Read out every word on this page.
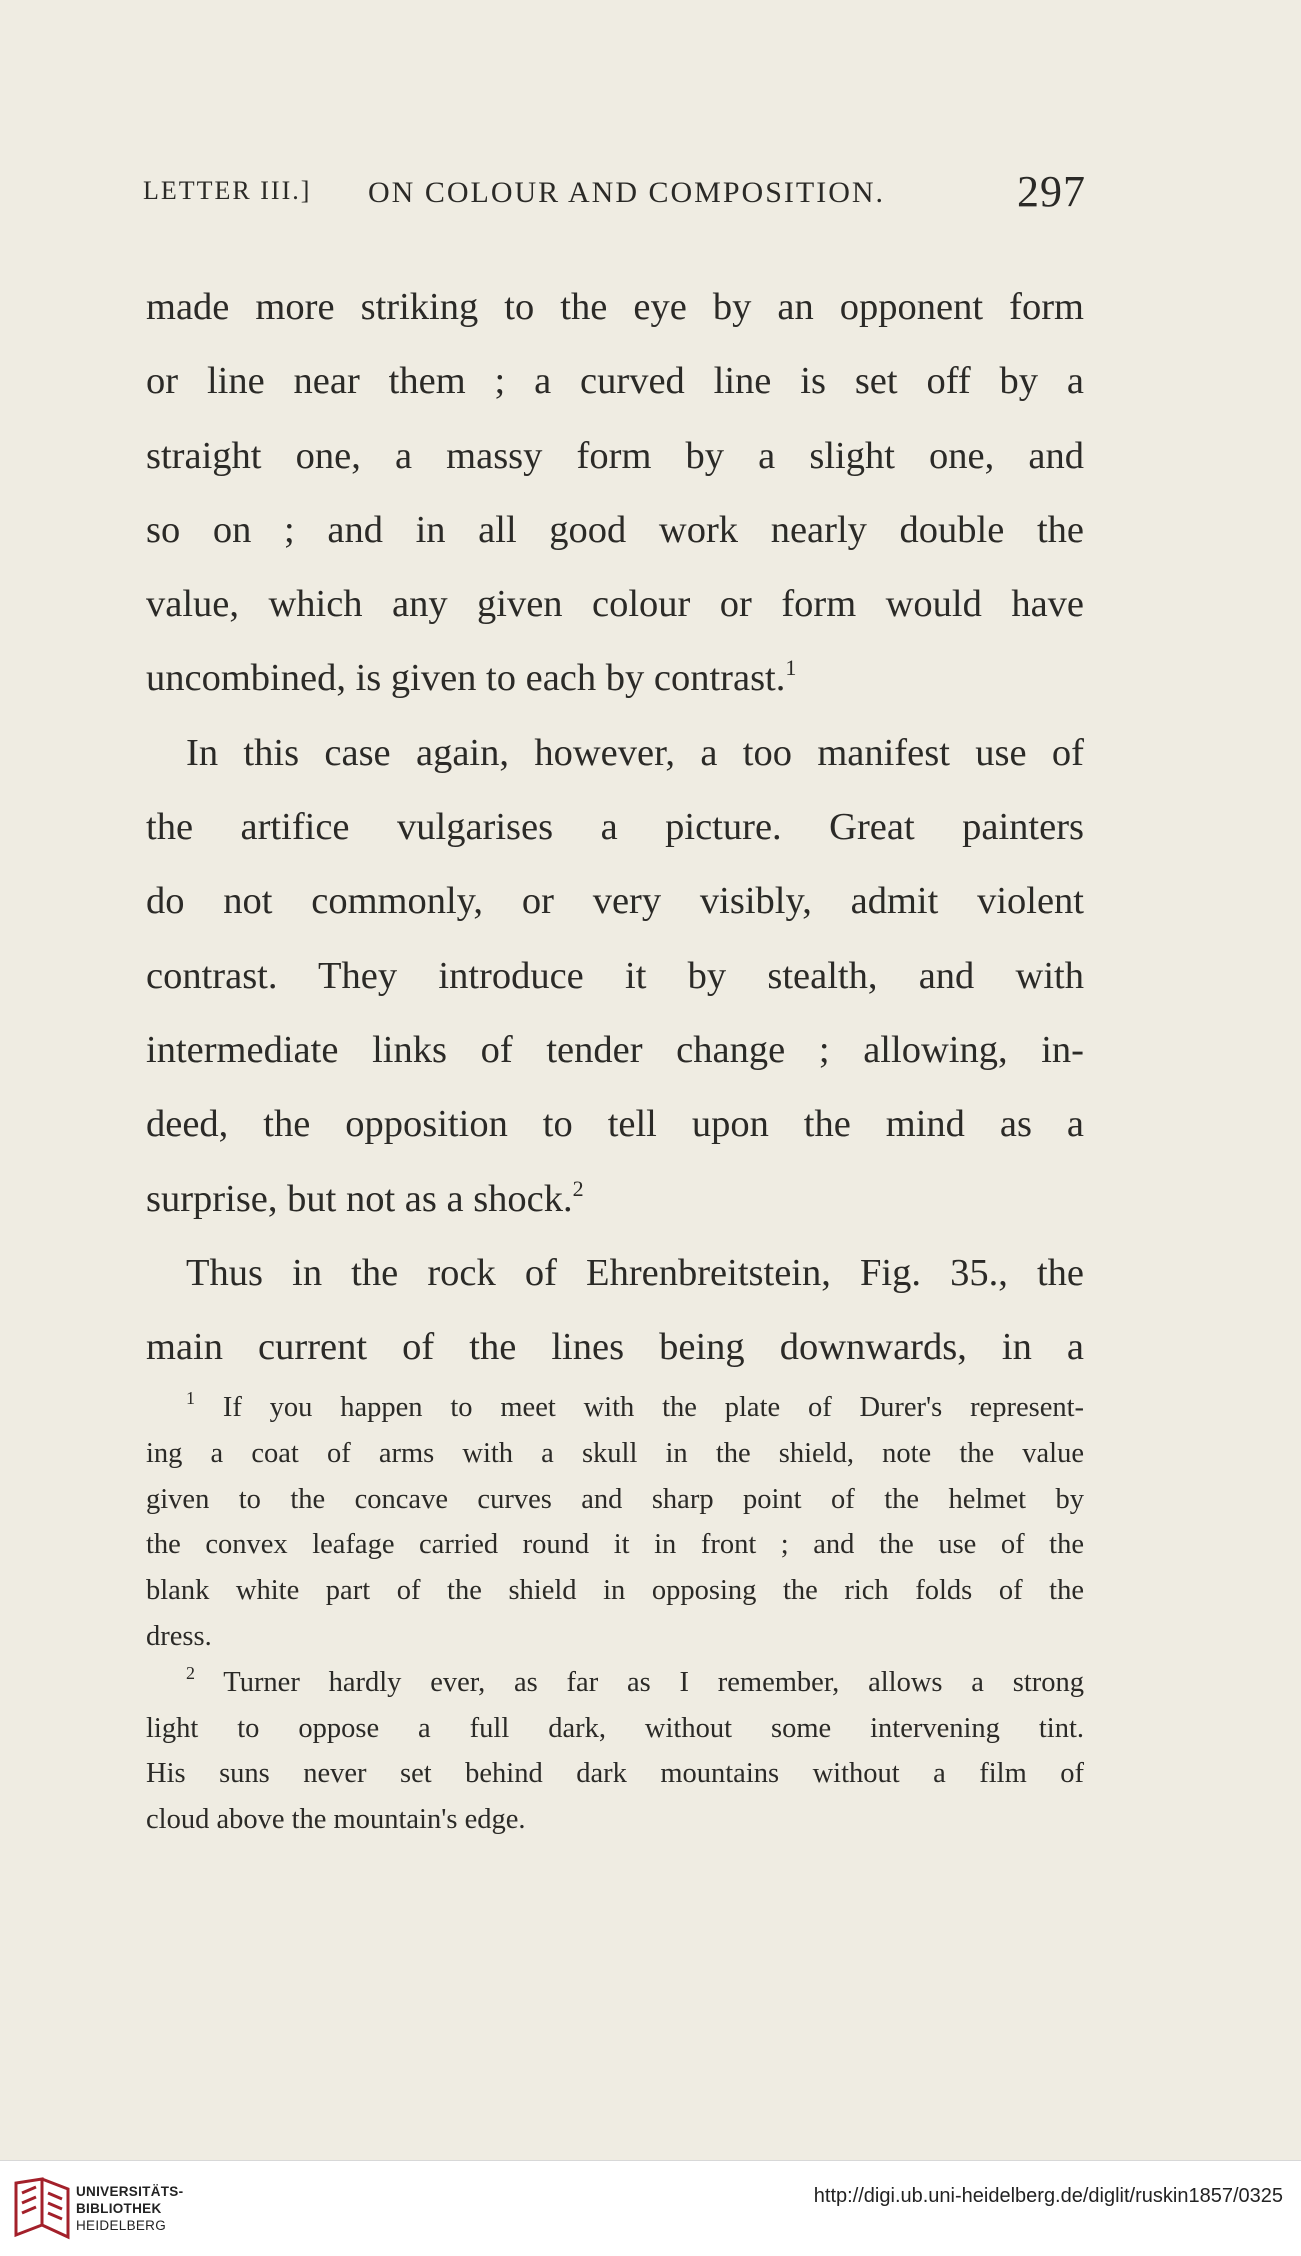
LETTER III.] ON COLOUR AND COMPOSITION.	297
made more striking to the eye by an opponent form
or line near them ; a curved line is set off by a
straight one, a massy form by a slight one, and
so on ; and in all good work nearly double the
value, which any given colour or form would have
uncombined, is given to each by contrast.$^1$
In this case again, however, a too manifest use of
the artifice vulgarises a picture. Great painters
do not commonly, or very visibly, admit violent
contrast. They introduce it by stealth, and with
intermediate links of tender change ; allowing, in-
deed, the opposition to tell upon the mind as a
surprise, but not as a shock.$^2$
Thus in the rock of Ehrenbreitstein, Fig. 35., the
main current of the lines being downwards, in a
$^1$ If you happen to meet with the plate of Durer's represent-
ing a coat of arms with a skull in the shield, note the value
given to the concave curves and sharp point of the helmet by
the convex leafage carried round it in front ; and the use of the
blank white part of the shield in opposing the rich folds of the
dress.
$^2$ Turner hardly ever, as far as I remember, allows a strong
light to oppose a full dark, without some intervening tint.
His suns never set behind dark mountains without a film of
cloud above the mountain's edge.
UNIVERSITÄTS-
BIBLIOTHEK
HEIDELBERG
http://digi.ub.uni-heidelberg.de/diglit/ruskin1857/0325
